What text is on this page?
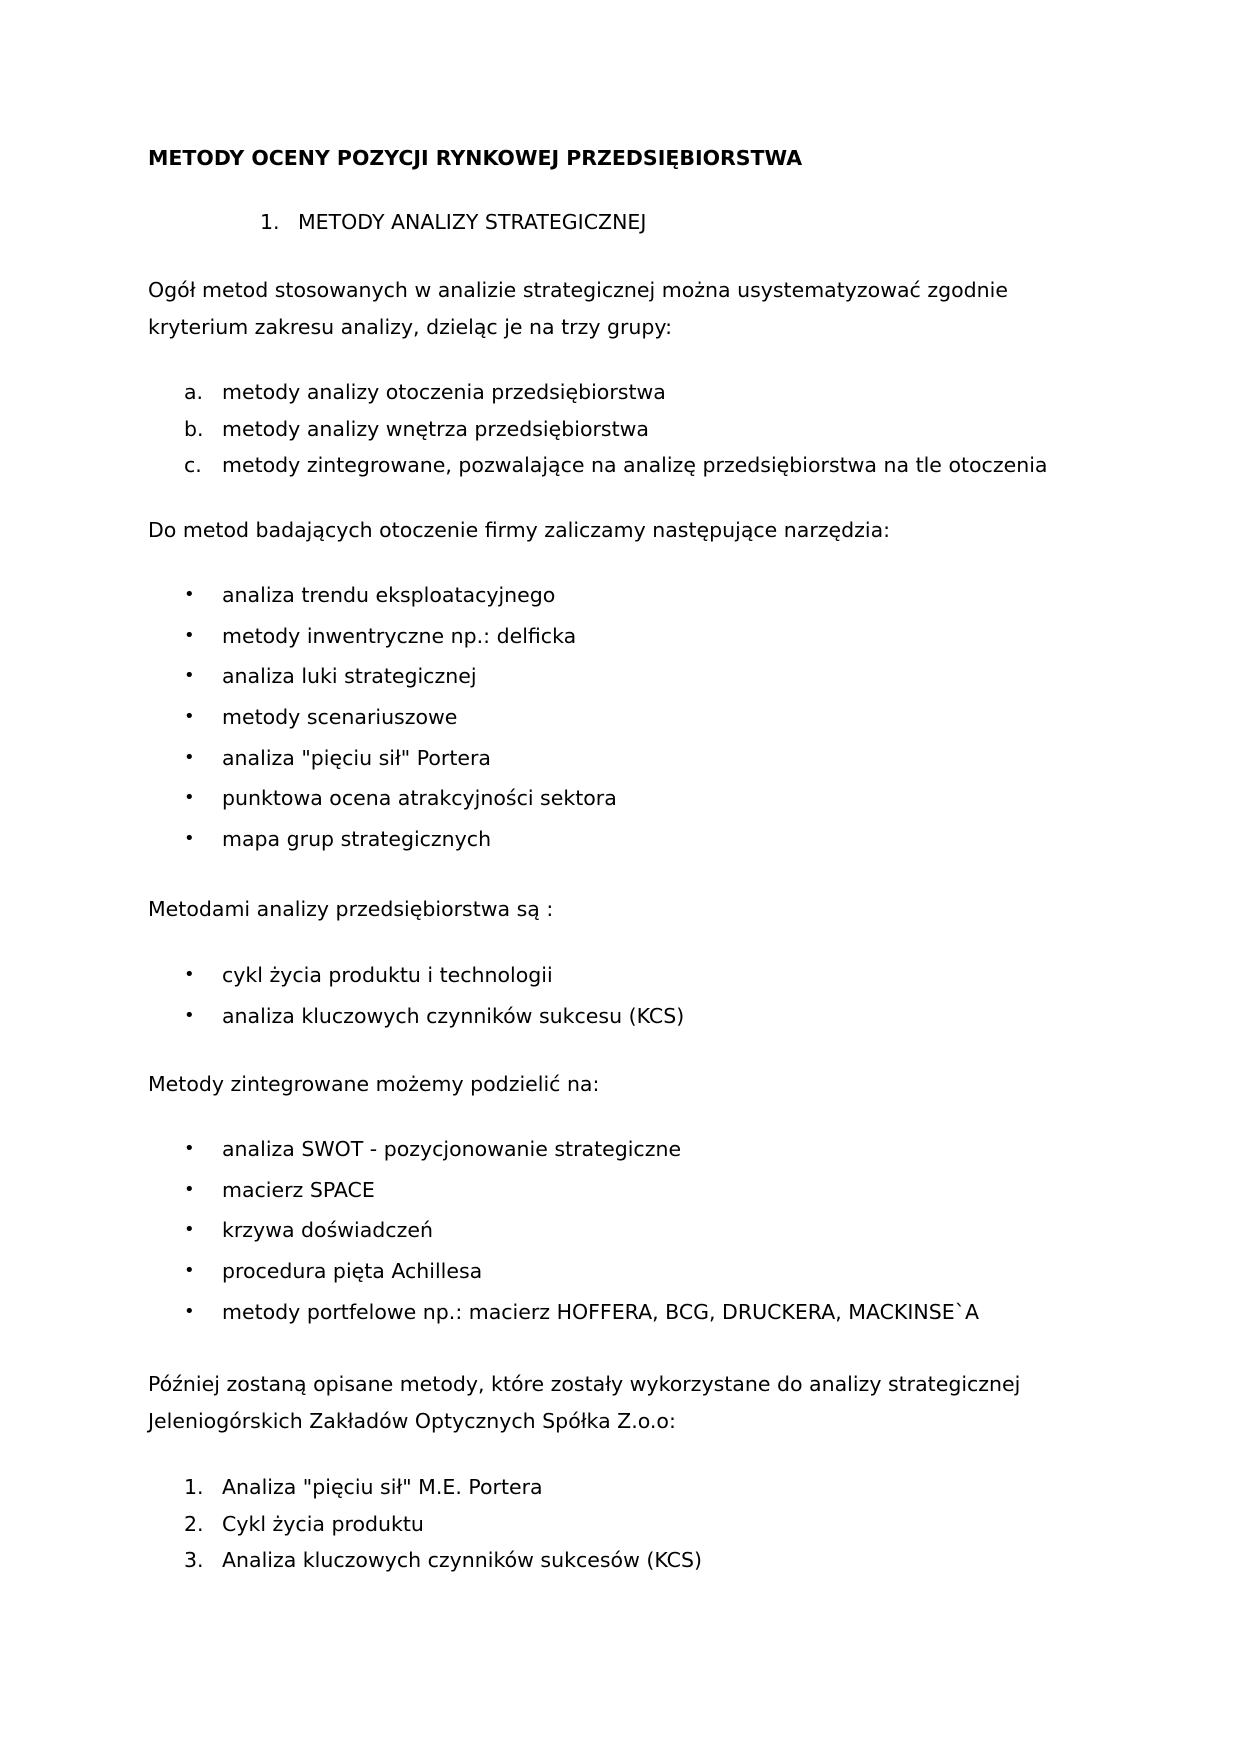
METODY OCENY POZYCJI RYNKOWEJ PRZEDSIĘBIORSTWA
1. METODY ANALIZY STRATEGICZNEJ

Ogół metod stosowanych w analizie strategicznej można usystematyzować zgodnie kryterium zakresu analizy, dzieląc je na trzy grupy:

a. metody analizy otoczenia przedsiębiorstwa
b. metody analizy wnętrza przedsiębiorstwa
c. metody zintegrowane, pozwalające na analizę przedsiębiorstwa na tle otoczenia

Do metod badających otoczenie firmy zaliczamy następujące narzędzia:

• analiza trendu eksploatacyjnego
• metody inwentryczne np.: delficka
• analiza luki strategicznej
• metody scenariuszowe
• analiza "pięciu sił" Portera
• punktowa ocena atrakcyjności sektora
• mapa grup strategicznych

Metodami analizy przedsiębiorstwa są :

• cykl życia produktu i technologii
• analiza kluczowych czynników sukcesu (KCS)

Metody zintegrowane możemy podzielić na:

• analiza SWOT - pozycjonowanie strategiczne
• macierz SPACE
• krzywa doświadczeń
• procedura pięta Achillesa
• metody portfelowe np.: macierz HOFFERA, BCG, DRUCKERA, MACKINSE`A

Później zostaną opisane metody, które zostały wykorzystane do analizy strategicznej Jeleniogórskich Zakładów Optycznych Spółka Z.o.o:

1. Analiza "pięciu sił" M.E. Portera
2. Cykl życia produktu
3. Analiza kluczowych czynników sukcesów (KCS)
